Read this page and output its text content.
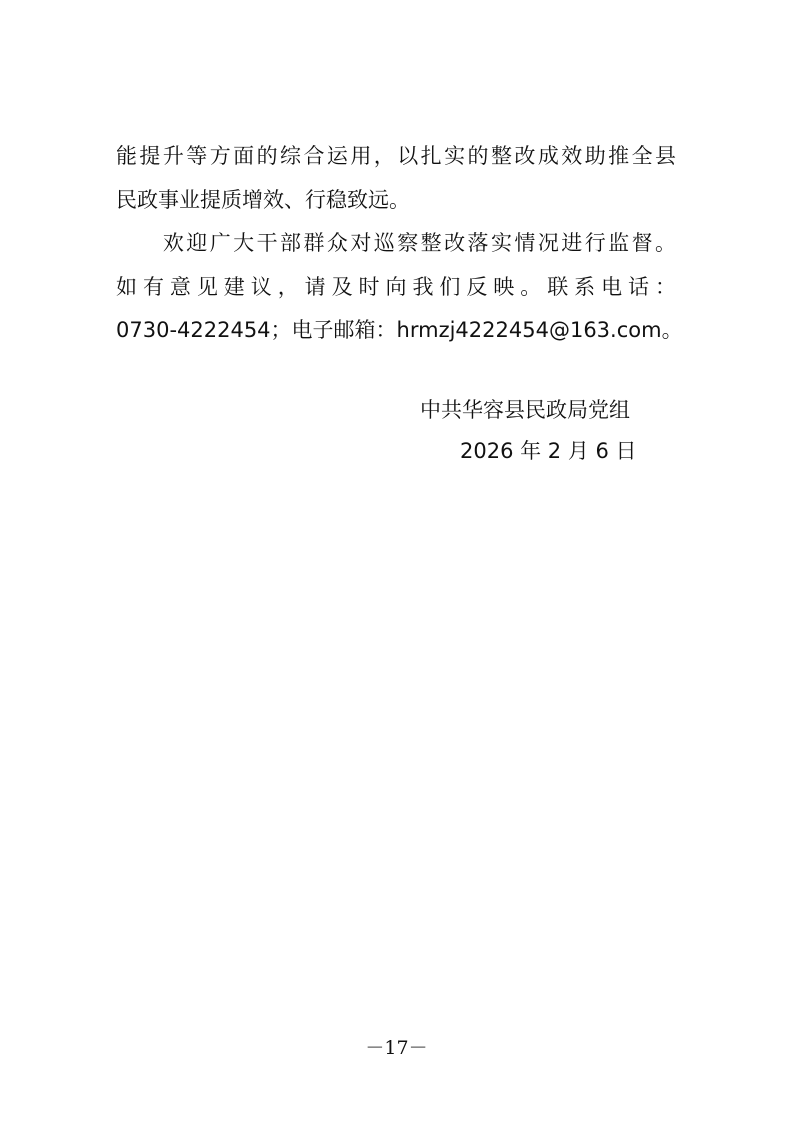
能提升等方面的综合运用，以扎实的整改成效助推全县
民政事业提质增效、行稳致远。
　　欢迎广大干部群众对巡察整改落实情况进行监督。
如有意见建议，请及时向我们反映。联系电话：
0730-4222454；电子邮箱：hrmzj4222454@163.com。
中共华容县民政局党组
2026 年 2 月 6 日
－17－
